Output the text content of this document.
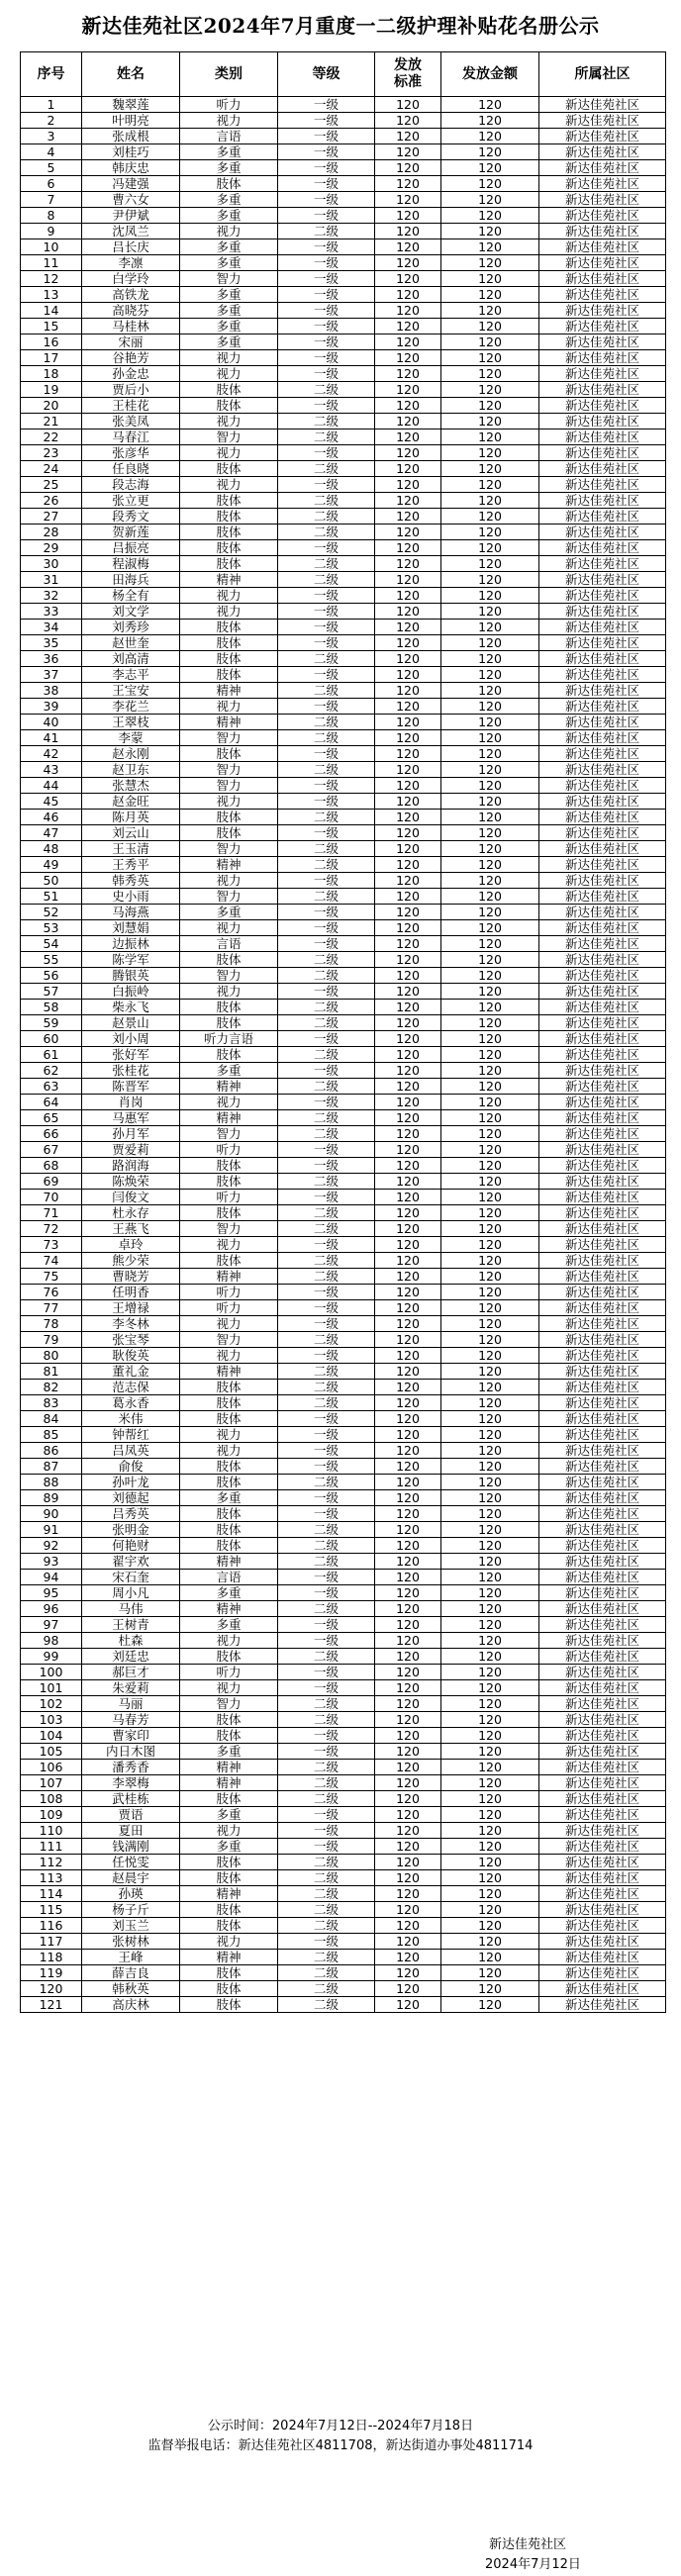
新达佳苑社区2024年7月重度一二级护理补贴花名册公示
序号	姓名	类别	等级	发放标准	发放金额	所属社区
1	魏翠莲	听力	一级	120	120	新达佳苑社区
2	叶明亮	视力	一级	120	120	新达佳苑社区
3	张成根	言语	一级	120	120	新达佳苑社区
4	刘桂巧	多重	一级	120	120	新达佳苑社区
5	韩庆忠	多重	一级	120	120	新达佳苑社区
6	冯建强	肢体	一级	120	120	新达佳苑社区
7	曹六女	多重	一级	120	120	新达佳苑社区
8	尹伊斌	多重	一级	120	120	新达佳苑社区
9	沈凤兰	视力	二级	120	120	新达佳苑社区
10	吕长庆	多重	一级	120	120	新达佳苑社区
11	李凛	多重	一级	120	120	新达佳苑社区
12	白学玲	智力	一级	120	120	新达佳苑社区
13	高铁龙	多重	一级	120	120	新达佳苑社区
14	高晓芬	多重	一级	120	120	新达佳苑社区
15	马桂林	多重	一级	120	120	新达佳苑社区
16	宋丽	多重	一级	120	120	新达佳苑社区
17	谷艳芳	视力	一级	120	120	新达佳苑社区
18	孙金忠	视力	一级	120	120	新达佳苑社区
19	贾后小	肢体	二级	120	120	新达佳苑社区
20	王桂花	肢体	一级	120	120	新达佳苑社区
21	张美凤	视力	二级	120	120	新达佳苑社区
22	马春江	智力	二级	120	120	新达佳苑社区
23	张彦华	视力	一级	120	120	新达佳苑社区
24	任良晓	肢体	二级	120	120	新达佳苑社区
25	段志海	视力	一级	120	120	新达佳苑社区
26	张立更	肢体	二级	120	120	新达佳苑社区
27	段秀文	肢体	二级	120	120	新达佳苑社区
28	贺新莲	肢体	二级	120	120	新达佳苑社区
29	吕振亮	肢体	一级	120	120	新达佳苑社区
30	程淑梅	肢体	二级	120	120	新达佳苑社区
31	田海兵	精神	二级	120	120	新达佳苑社区
32	杨全有	视力	一级	120	120	新达佳苑社区
33	刘文学	视力	一级	120	120	新达佳苑社区
34	刘秀珍	肢体	一级	120	120	新达佳苑社区
35	赵世奎	肢体	一级	120	120	新达佳苑社区
36	刘高清	肢体	二级	120	120	新达佳苑社区
37	李志平	肢体	一级	120	120	新达佳苑社区
38	王宝安	精神	二级	120	120	新达佳苑社区
39	李花兰	视力	一级	120	120	新达佳苑社区
40	王翠枝	精神	二级	120	120	新达佳苑社区
41	李蒙	智力	二级	120	120	新达佳苑社区
42	赵永刚	肢体	一级	120	120	新达佳苑社区
43	赵卫东	智力	二级	120	120	新达佳苑社区
44	张慧杰	智力	一级	120	120	新达佳苑社区
45	赵金旺	视力	一级	120	120	新达佳苑社区
46	陈月英	肢体	二级	120	120	新达佳苑社区
47	刘云山	肢体	一级	120	120	新达佳苑社区
48	王玉清	智力	二级	120	120	新达佳苑社区
49	王秀平	精神	二级	120	120	新达佳苑社区
50	韩秀英	视力	一级	120	120	新达佳苑社区
51	史小雨	智力	二级	120	120	新达佳苑社区
52	马海燕	多重	一级	120	120	新达佳苑社区
53	刘慧娟	视力	一级	120	120	新达佳苑社区
54	边振林	言语	一级	120	120	新达佳苑社区
55	陈学军	肢体	二级	120	120	新达佳苑社区
56	腾银英	智力	二级	120	120	新达佳苑社区
57	白振岭	视力	一级	120	120	新达佳苑社区
58	柴永飞	肢体	二级	120	120	新达佳苑社区
59	赵景山	肢体	二级	120	120	新达佳苑社区
60	刘小周	听力言语	一级	120	120	新达佳苑社区
61	张好军	肢体	二级	120	120	新达佳苑社区
62	张桂花	多重	一级	120	120	新达佳苑社区
63	陈晋军	精神	二级	120	120	新达佳苑社区
64	肖岗	视力	一级	120	120	新达佳苑社区
65	马惠军	精神	二级	120	120	新达佳苑社区
66	孙月军	智力	二级	120	120	新达佳苑社区
67	贾爱莉	听力	一级	120	120	新达佳苑社区
68	路润海	肢体	一级	120	120	新达佳苑社区
69	陈焕荣	肢体	二级	120	120	新达佳苑社区
70	闫俊文	听力	一级	120	120	新达佳苑社区
71	杜永存	肢体	二级	120	120	新达佳苑社区
72	王燕飞	智力	二级	120	120	新达佳苑社区
73	卓玲	视力	一级	120	120	新达佳苑社区
74	熊少荣	肢体	二级	120	120	新达佳苑社区
75	曹晓芳	精神	二级	120	120	新达佳苑社区
76	任明香	听力	一级	120	120	新达佳苑社区
77	王增禄	听力	一级	120	120	新达佳苑社区
78	李冬林	视力	一级	120	120	新达佳苑社区
79	张宝琴	智力	二级	120	120	新达佳苑社区
80	耿俊英	视力	一级	120	120	新达佳苑社区
81	董礼金	精神	二级	120	120	新达佳苑社区
82	范志保	肢体	二级	120	120	新达佳苑社区
83	葛永香	肢体	二级	120	120	新达佳苑社区
84	米伟	肢体	一级	120	120	新达佳苑社区
85	钟帮红	视力	一级	120	120	新达佳苑社区
86	吕凤英	视力	一级	120	120	新达佳苑社区
87	俞俊	肢体	一级	120	120	新达佳苑社区
88	孙叶龙	肢体	二级	120	120	新达佳苑社区
89	刘德起	多重	一级	120	120	新达佳苑社区
90	吕秀英	肢体	一级	120	120	新达佳苑社区
91	张明金	肢体	二级	120	120	新达佳苑社区
92	何艳财	肢体	二级	120	120	新达佳苑社区
93	翟宇欢	精神	二级	120	120	新达佳苑社区
94	宋石奎	言语	一级	120	120	新达佳苑社区
95	周小凡	多重	一级	120	120	新达佳苑社区
96	马伟	精神	二级	120	120	新达佳苑社区
97	王树青	多重	一级	120	120	新达佳苑社区
98	杜森	视力	一级	120	120	新达佳苑社区
99	刘廷忠	肢体	二级	120	120	新达佳苑社区
100	郝巨才	听力	一级	120	120	新达佳苑社区
101	朱爱莉	视力	一级	120	120	新达佳苑社区
102	马丽	智力	二级	120	120	新达佳苑社区
103	马春芳	肢体	二级	120	120	新达佳苑社区
104	曹家印	肢体	一级	120	120	新达佳苑社区
105	内日木图	多重	一级	120	120	新达佳苑社区
106	潘秀香	精神	二级	120	120	新达佳苑社区
107	李翠梅	精神	二级	120	120	新达佳苑社区
108	武桂栋	肢体	二级	120	120	新达佳苑社区
109	贾语	多重	一级	120	120	新达佳苑社区
110	夏田	视力	一级	120	120	新达佳苑社区
111	钱满刚	多重	一级	120	120	新达佳苑社区
112	任悦雯	肢体	二级	120	120	新达佳苑社区
113	赵晨宇	肢体	二级	120	120	新达佳苑社区
114	孙瑛	精神	二级	120	120	新达佳苑社区
115	杨子斤	肢体	二级	120	120	新达佳苑社区
116	刘玉兰	肢体	二级	120	120	新达佳苑社区
117	张树林	视力	一级	120	120	新达佳苑社区
118	王峰	精神	二级	120	120	新达佳苑社区
119	薛吉良	肢体	二级	120	120	新达佳苑社区
120	韩秋英	肢体	二级	120	120	新达佳苑社区
121	高庆林	肢体	二级	120	120	新达佳苑社区
公示时间：2024年7月12日--2024年7月18日
监督举报电话：新达佳苑社区4811708，新达街道办事处4811714
新达佳苑社区
2024年7月12日
